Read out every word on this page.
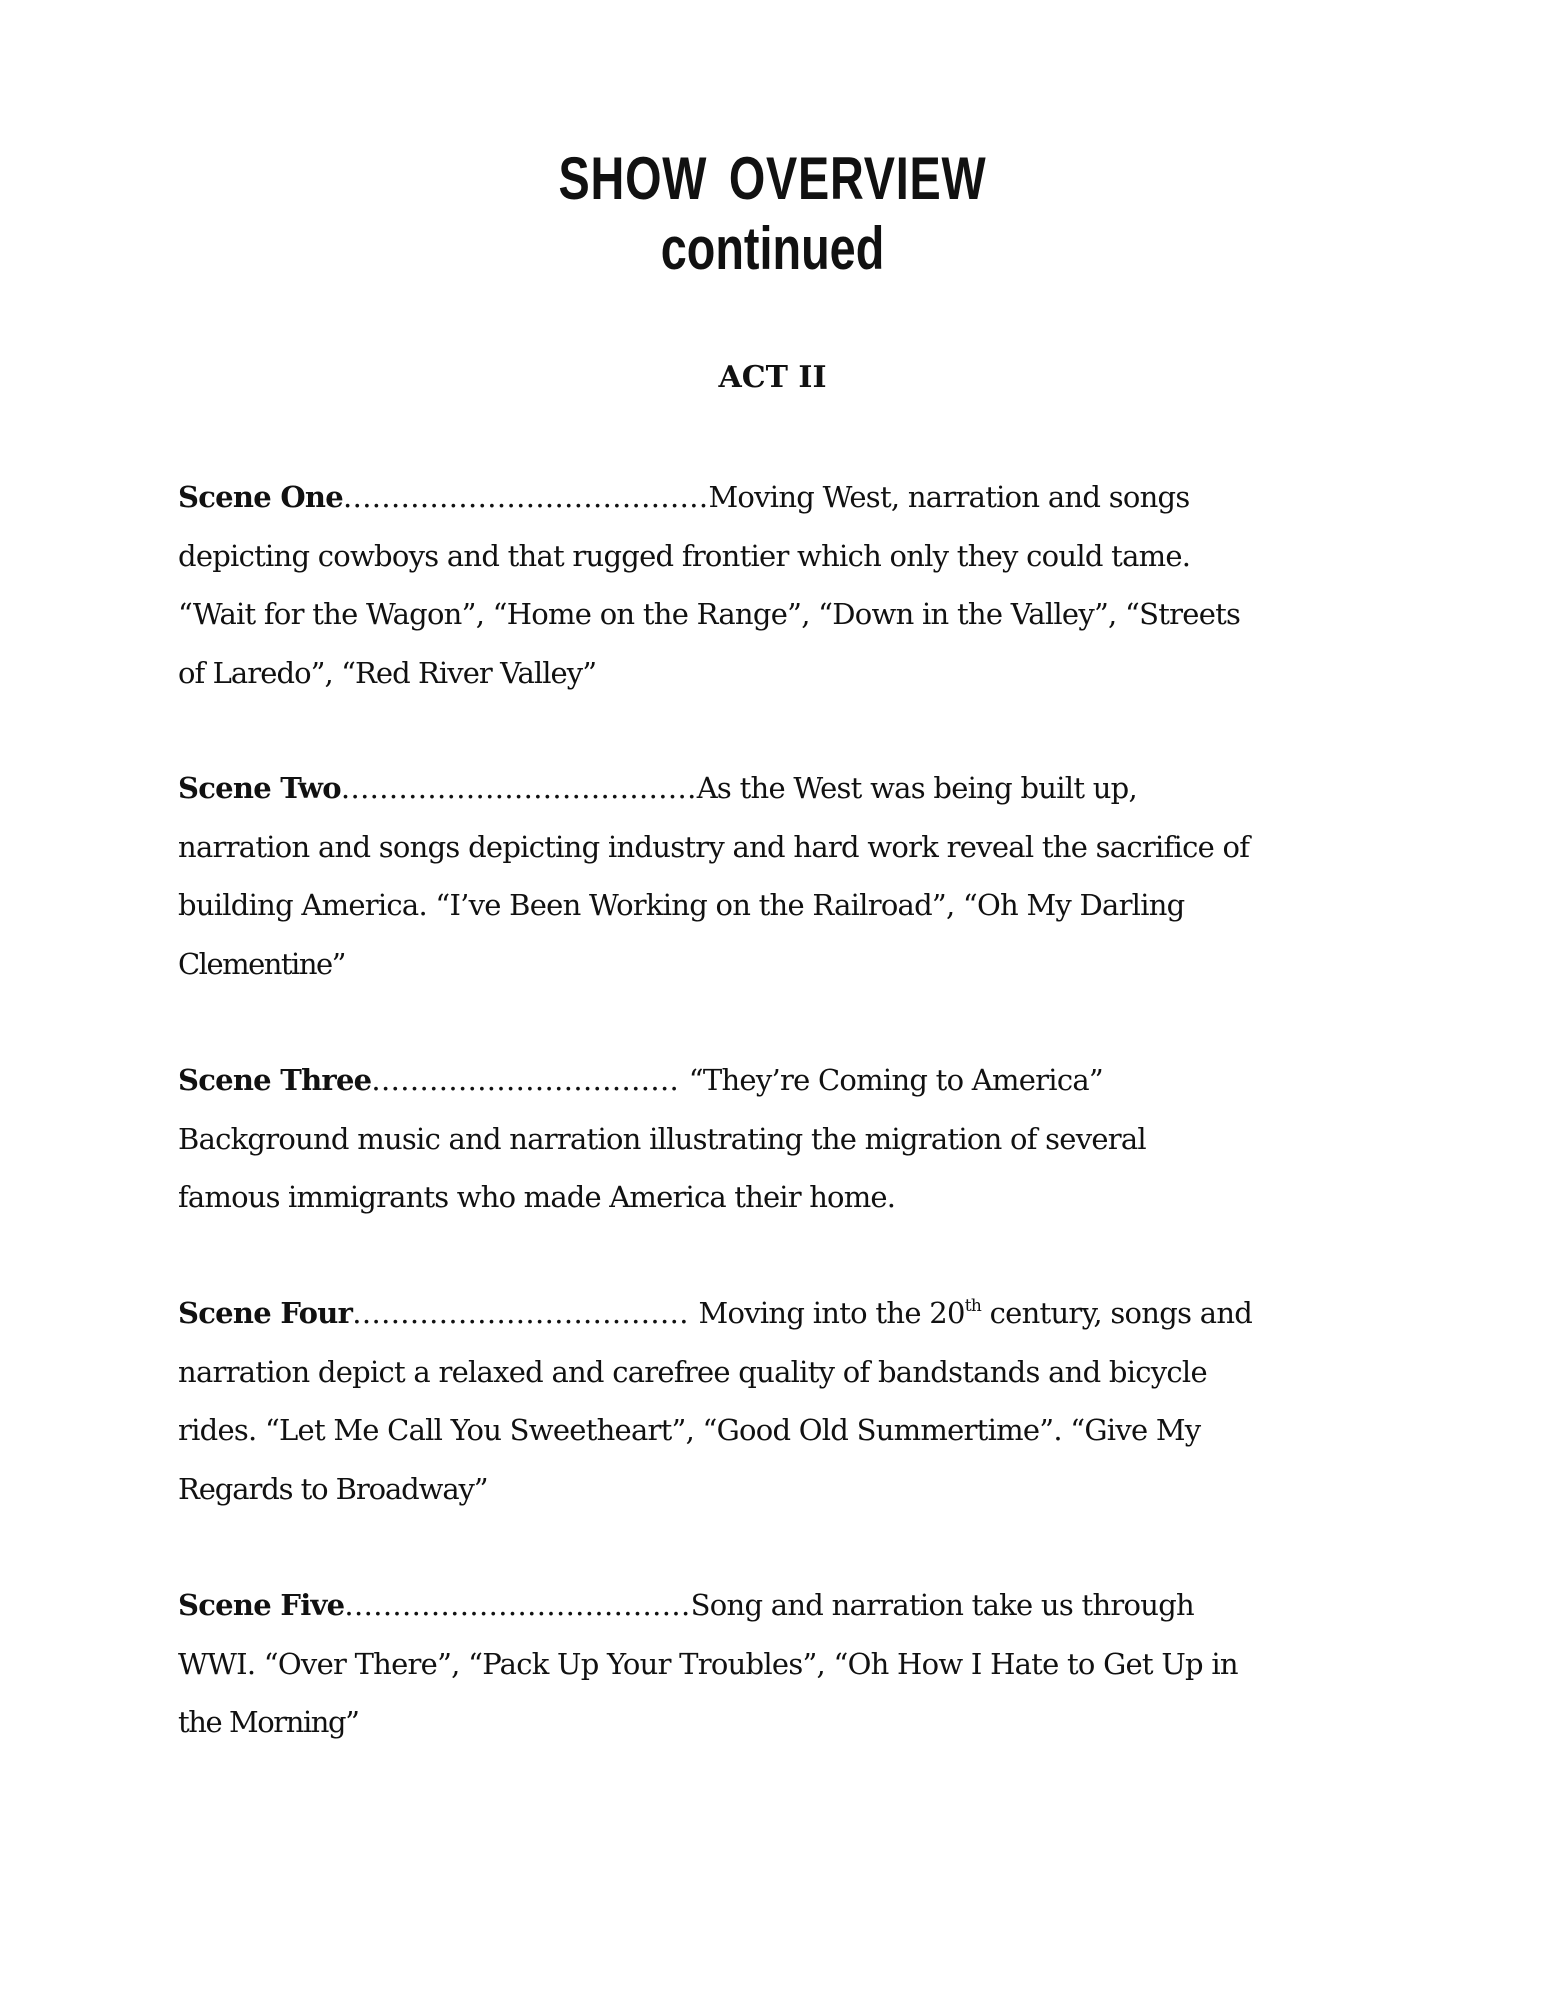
SHOW OVERVIEW
continued
ACT II
Scene One......................................Moving West, narration and songs
depicting cowboys and that rugged frontier which only they could tame.
“Wait for the Wagon”, “Home on the Range”, “Down in the Valley”, “Streets
of Laredo”, “Red River Valley”
Scene Two.....................................As the West was being built up,
narration and songs depicting industry and hard work reveal the sacrifice of
building America. “I’ve Been Working on the Railroad”, “Oh My Darling
Clementine”
Scene Three................................ “They’re Coming to America”
Background music and narration illustrating the migration of several
famous immigrants who made America their home.
Scene Four................................... Moving into the 20th century, songs and
narration depict a relaxed and carefree quality of bandstands and bicycle
rides. “Let Me Call You Sweetheart”, “Good Old Summertime”. “Give My
Regards to Broadway”
Scene Five....................................Song and narration take us through
WWI. “Over There”, “Pack Up Your Troubles”, “Oh How I Hate to Get Up in
the Morning”
